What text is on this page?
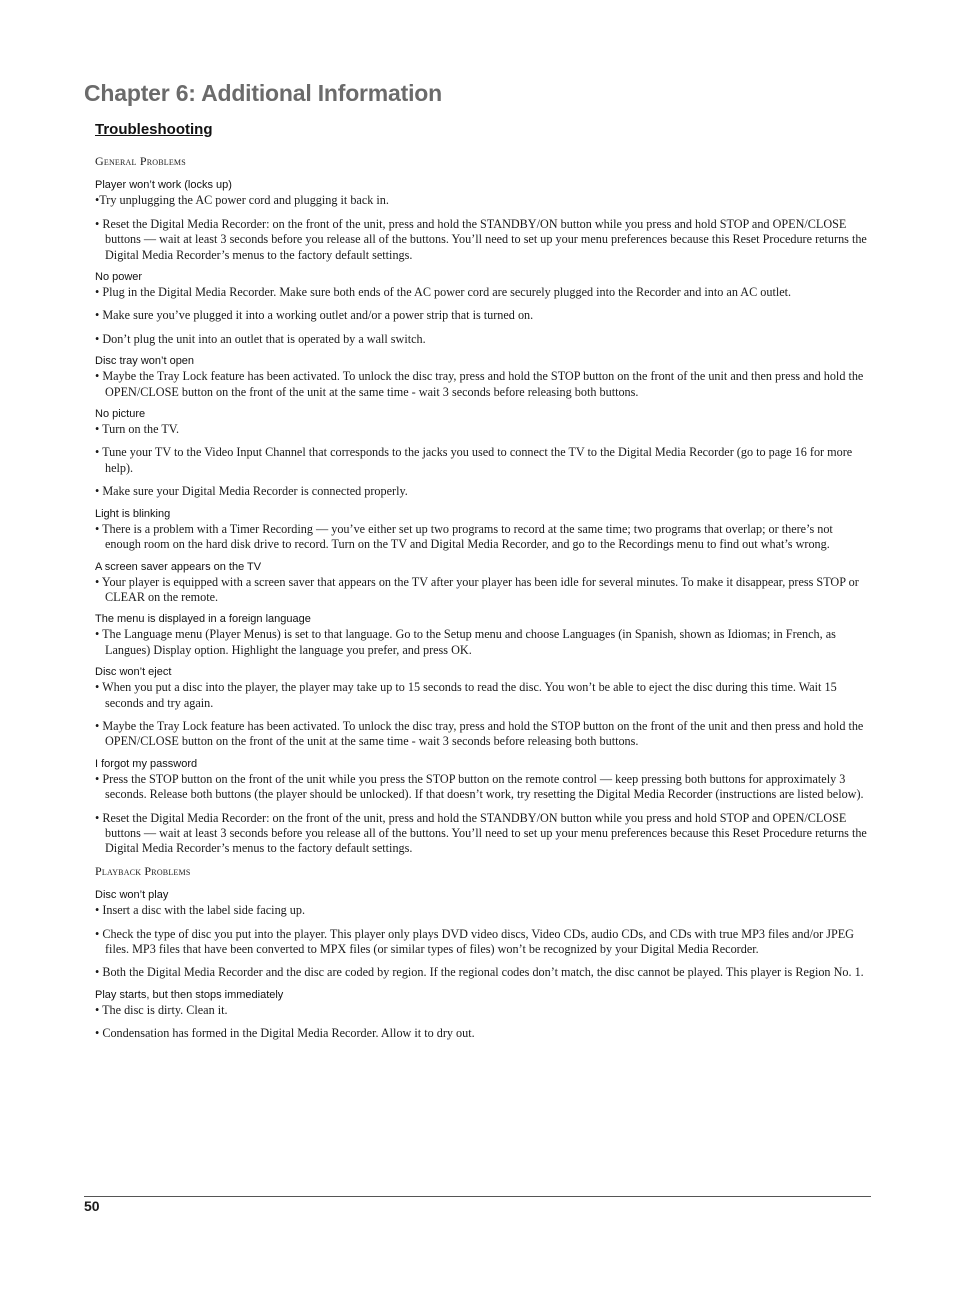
Chapter 6: Additional Information
Troubleshooting
General Problems
Player won’t work (locks up)
•Try unplugging the AC power cord and plugging it back in.
• Reset the Digital Media Recorder: on the front of the unit, press and hold the STANDBY/ON button while you press and hold STOP and OPEN/CLOSE buttons — wait at least 3 seconds before you release all of the buttons. You’ll need to set up your menu preferences because this Reset Procedure returns the Digital Media Recorder’s menus to the factory default settings.
No power
• Plug in the Digital Media Recorder. Make sure both ends of the AC power cord are securely plugged into the Recorder and into an AC outlet.
• Make sure you’ve plugged it into a working outlet and/or a power strip that is turned on.
• Don’t plug the unit into an outlet that is operated by a wall switch.
Disc tray won’t open
• Maybe the Tray Lock feature has been activated. To unlock the disc tray, press and hold the STOP button on the front of the unit and then press and hold the OPEN/CLOSE button on the front of the unit at the same time - wait 3 seconds before releasing both buttons.
No picture
• Turn on the TV.
• Tune your TV to the Video Input Channel that corresponds to the jacks you used to connect the TV to the Digital Media Recorder (go to page 16 for more help).
• Make sure your Digital Media Recorder is connected properly.
Light is blinking
• There is a problem with a Timer Recording — you’ve either set up two programs to record at the same time; two programs that overlap; or there’s not enough room on the hard disk drive to record. Turn on the TV and Digital Media Recorder, and go to the Recordings menu to find out what’s wrong.
A screen saver appears on the TV
• Your player is equipped with a screen saver that appears on the TV after your player has been idle for several minutes. To make it disappear, press STOP or CLEAR on the remote.
The menu is displayed in a foreign language
• The Language menu (Player Menus) is set to that language. Go to the Setup menu and choose Languages (in Spanish, shown as Idiomas; in French, as Langues) Display option. Highlight the language you prefer, and press OK.
Disc won’t eject
• When you put a disc into the player, the player may take up to 15 seconds to read the disc. You won’t be able to eject the disc during this time. Wait 15 seconds and try again.
• Maybe the Tray Lock feature has been activated. To unlock the disc tray, press and hold the STOP button on the front of the unit and then press and hold the OPEN/CLOSE button on the front of the unit at the same time - wait 3 seconds before releasing both buttons.
I forgot my password
• Press the STOP button on the front of the unit while you press the STOP button on the remote control — keep pressing both buttons for approximately 3 seconds. Release both buttons (the player should be unlocked). If that doesn’t work, try resetting the Digital Media Recorder (instructions are listed below).
• Reset the Digital Media Recorder: on the front of the unit, press and hold the STANDBY/ON button while you press and hold STOP and OPEN/CLOSE buttons — wait at least 3 seconds before you release all of the buttons. You’ll need to set up your menu preferences because this Reset Procedure returns the Digital Media Recorder’s menus to the factory default settings.
Playback Problems
Disc won’t play
• Insert a disc with the label side facing up.
• Check the type of disc you put into the player. This player only plays DVD video discs, Video CDs, audio CDs, and CDs with true MP3 files and/or JPEG files. MP3 files that have been converted to MPX files (or similar types of files) won’t be recognized by your Digital Media Recorder.
• Both the Digital Media Recorder and the disc are coded by region. If the regional codes don’t match, the disc cannot be played. This player is Region No. 1.
Play starts, but then stops immediately
• The disc is dirty. Clean it.
• Condensation has formed in the Digital Media Recorder. Allow it to dry out.
50
